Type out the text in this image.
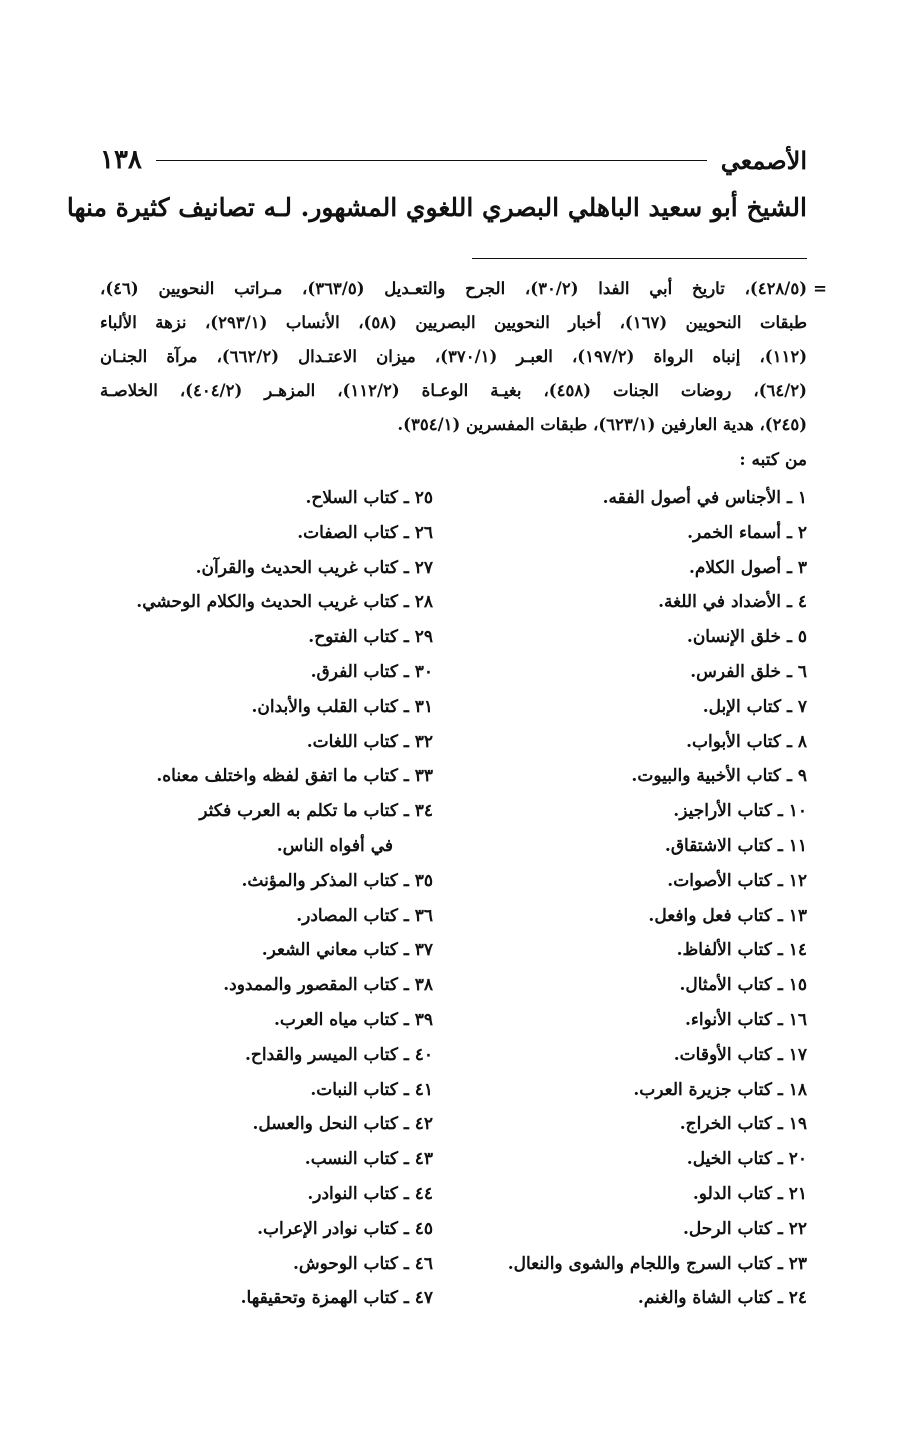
الأصمعي
١٣٨
الشيخ أبو سعيد الباهلي البصري اللغوي المشهور. لـه تصانيف كثيرة منها
=
(٤٢٨/٥)، تاريخ أبي الفدا (٣٠/٢)، الجرح والتعـديل (٣٦٣/٥)، مـراتب النحويين (٤٦)،
طبقات النحويين (١٦٧)، أخبار النحويين البصريين (٥٨)، الأنساب (٢٩٣/١)، نزهة الألباء
(١١٢)، إنباه الرواة (١٩٧/٢)، العبـر (٣٧٠/١)، ميزان الاعتـدال (٦٦٢/٢)، مرآة الجنـان
(٦٤/٢)، روضات الجنات (٤٥٨)، بغيـة الوعـاة (١١٢/٢)، المزهـر (٤٠٤/٢)، الخلاصـة
(٢٤٥)، هدية العارفين (٦٢٣/١)، طبقات المفسرين (٣٥٤/١).
من كتبه :
١ ـ الأجناس في أصول الفقه.
٢ ـ أسماء الخمر.
٣ ـ أصول الكلام.
٤ ـ الأضداد في اللغة.
٥ ـ خلق الإنسان.
٦ ـ خلق الفرس.
٧ ـ كتاب الإبل.
٨ ـ كتاب الأبواب.
٩ ـ كتاب الأخبية والبيوت.
١٠ ـ كتاب الأراجيز.
١١ ـ كتاب الاشتقاق.
١٢ ـ كتاب الأصوات.
١٣ ـ كتاب فعل وافعل.
١٤ ـ كتاب الألفاظ.
١٥ ـ كتاب الأمثال.
١٦ ـ كتاب الأنواء.
١٧ ـ كتاب الأوقات.
١٨ ـ كتاب جزيرة العرب.
١٩ ـ كتاب الخراج.
٢٠ ـ كتاب الخيل.
٢١ ـ كتاب الدلو.
٢٢ ـ كتاب الرحل.
٢٣ ـ كتاب السرج واللجام والشوى والنعال.
٢٤ ـ كتاب الشاة والغنم.
٢٥ ـ كتاب السلاح.
٢٦ ـ كتاب الصفات.
٢٧ ـ كتاب غريب الحديث والقرآن.
٢٨ ـ كتاب غريب الحديث والكلام الوحشي.
٢٩ ـ كتاب الفتوح.
٣٠ ـ كتاب الفرق.
٣١ ـ كتاب القلب والأبدان.
٣٢ ـ كتاب اللغات.
٣٣ ـ كتاب ما اتفق لفظه واختلف معناه.
٣٤ ـ كتاب ما تكلم به العرب فكثر
في أفواه الناس.
٣٥ ـ كتاب المذكر والمؤنث.
٣٦ ـ كتاب المصادر.
٣٧ ـ كتاب معاني الشعر.
٣٨ ـ كتاب المقصور والممدود.
٣٩ ـ كتاب مياه العرب.
٤٠ ـ كتاب الميسر والقداح.
٤١ ـ كتاب النبات.
٤٢ ـ كتاب النحل والعسل.
٤٣ ـ كتاب النسب.
٤٤ ـ كتاب النوادر.
٤٥ ـ كتاب نوادر الإعراب.
٤٦ ـ كتاب الوحوش.
٤٧ ـ كتاب الهمزة وتحقيقها.
